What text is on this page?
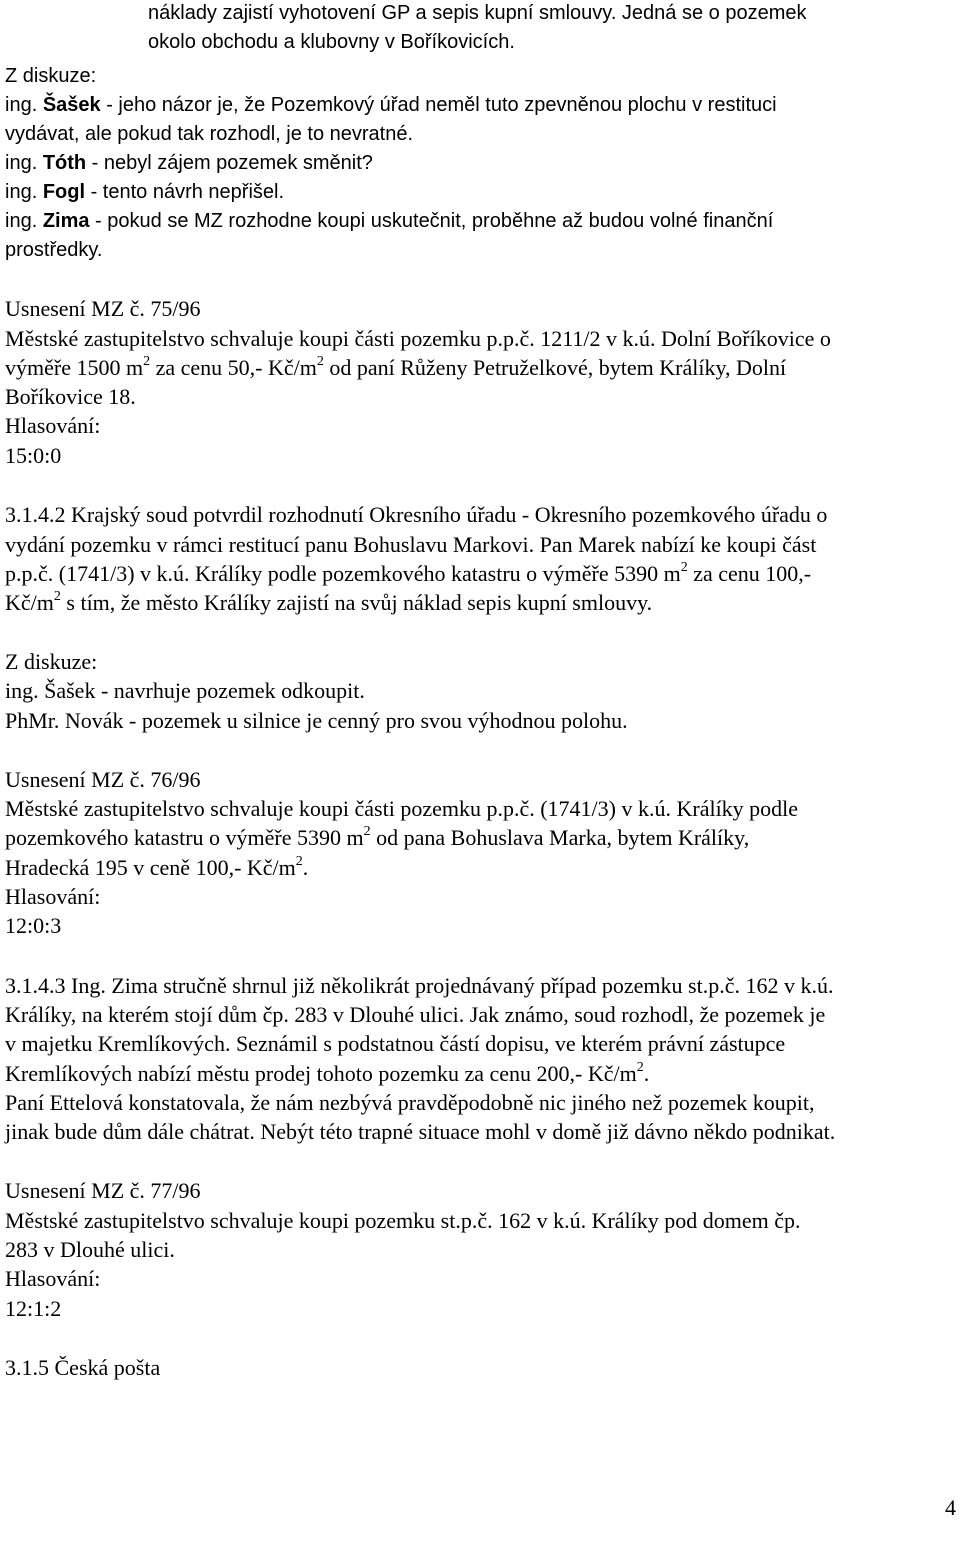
náklady zajistí vyhotovení GP a sepis kupní smlouvy. Jedná se o pozemek

okolo obchodu a klubovny v Boříkovicích.

Z diskuze:

ing. Šašek - jeho názor je, že Pozemkový úřad neměl tuto zpevněnou plochu v restituci

vydávat, ale pokud tak rozhodl, je to nevratné.

ing. Tóth - nebyl zájem pozemek směnit?

ing. Fogl - tento návrh nepřišel.

ing. Zima - pokud se MZ rozhodne koupi uskutečnit, proběhne až budou volné finanční

prostředky.

Usnesení MZ č. 75/96

Městské zastupitelstvo schvaluje koupi části pozemku p.p.č. 1211/2 v k.ú. Dolní Boříkovice o

výměře 1500 $m^2$ za cenu 50,- $Kč/m^2$ od paní Růženy Petruželkové, bytem Králíky, Dolní

Boříkovice 18.

Hlasování:

15:0:0

3.1.4.2 Krajský soud potvrdil rozhodnutí Okresního úřadu - Okresního pozemkového úřadu o

vydání pozemku v rámci restitucí panu Bohuslavu Markovi. Pan Marek nabízí ke koupi část

p.p.č. (1741/3) v k.ú. Králíky podle pozemkového katastru o výměře 5390 $m^2$ za cenu 100,-

$Kč/m^2$ s tím, že město Králíky zajistí na svůj náklad sepis kupní smlouvy.

Z diskuze:

ing. Šašek - navrhuje pozemek odkoupit.

PhMr. Novák - pozemek u silnice je cenný pro svou výhodnou polohu.

Usnesení MZ č. 76/96

Městské zastupitelstvo schvaluje koupi části pozemku p.p.č. (1741/3) v k.ú. Králíky podle

pozemkového katastru o výměře 5390 $m^2$ od pana Bohuslava Marka, bytem Králíky,

Hradecká 195 v ceně 100,- $Kč/m^2$.

Hlasování:

12:0:3

3.1.4.3 Ing. Zima stručně shrnul již několikrát projednávaný případ pozemku st.p.č. 162 v k.ú.

Králíky, na kterém stojí dům čp. 283 v Dlouhé ulici. Jak známo, soud rozhodl, že pozemek je

v majetku Kremlíkových. Seznámil s podstatnou částí dopisu, ve kterém právní zástupce

Kremlíkových nabízí městu prodej tohoto pozemku za cenu 200,- $Kč/m^2$.

Paní Ettelová konstatovala, že nám nezbývá pravděpodobně nic jiného než pozemek koupit,

jinak bude dům dále chátrat. Nebýt této trapné situace mohl v domě již dávno někdo podnikat.

Usnesení MZ č. 77/96

Městské zastupitelstvo schvaluje koupi pozemku st.p.č. 162 v k.ú. Králíky pod domem čp.

283 v Dlouhé ulici.

Hlasování:

12:1:2

3.1.5 Česká pošta

4
